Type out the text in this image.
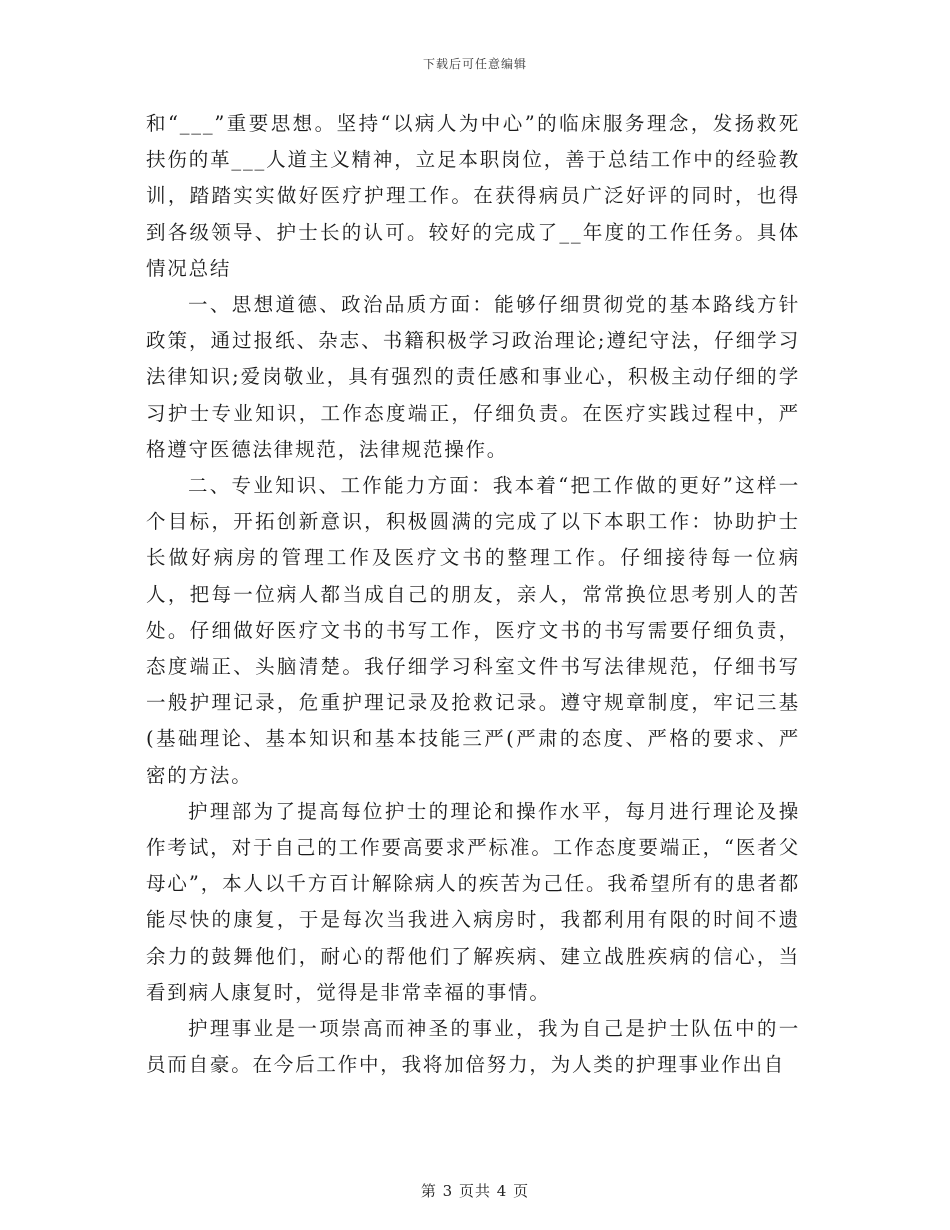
下载后可任意编辑

和“___”重要思想。坚持“以病人为中心”的临床服务理念，发扬救死扶伤的革___人道主义精神，立足本职岗位，善于总结工作中的经验教训，踏踏实实做好医疗护理工作。在获得病员广泛好评的同时，也得到各级领导、护士长的认可。较好的完成了__年度的工作任务。具体情况总结

一、思想道德、政治品质方面：能够仔细贯彻党的基本路线方针政策，通过报纸、杂志、书籍积极学习政治理论;遵纪守法，仔细学习法律知识;爱岗敬业，具有强烈的责任感和事业心，积极主动仔细的学习护士专业知识，工作态度端正，仔细负责。在医疗实践过程中，严格遵守医德法律规范，法律规范操作。

二、专业知识、工作能力方面：我本着“把工作做的更好”这样一个目标，开拓创新意识，积极圆满的完成了以下本职工作：协助护士长做好病房的管理工作及医疗文书的整理工作。仔细接待每一位病人，把每一位病人都当成自己的朋友，亲人，常常换位思考别人的苦处。仔细做好医疗文书的书写工作，医疗文书的书写需要仔细负责，态度端正、头脑清楚。我仔细学习科室文件书写法律规范，仔细书写一般护理记录，危重护理记录及抢救记录。遵守规章制度，牢记三基(基础理论、基本知识和基本技能三严(严肃的态度、严格的要求、严密的方法。

护理部为了提高每位护士的理论和操作水平，每月进行理论及操作考试，对于自己的工作要高要求严标准。工作态度要端正，“医者父母心”，本人以千方百计解除病人的疾苦为己任。我希望所有的患者都能尽快的康复，于是每次当我进入病房时，我都利用有限的时间不遗余力的鼓舞他们，耐心的帮他们了解疾病、建立战胜疾病的信心，当看到病人康复时，觉得是非常幸福的事情。

护理事业是一项崇高而神圣的事业，我为自己是护士队伍中的一员而自豪。在今后工作中，我将加倍努力，为人类的护理事业作出自

第 3 页共 4 页
